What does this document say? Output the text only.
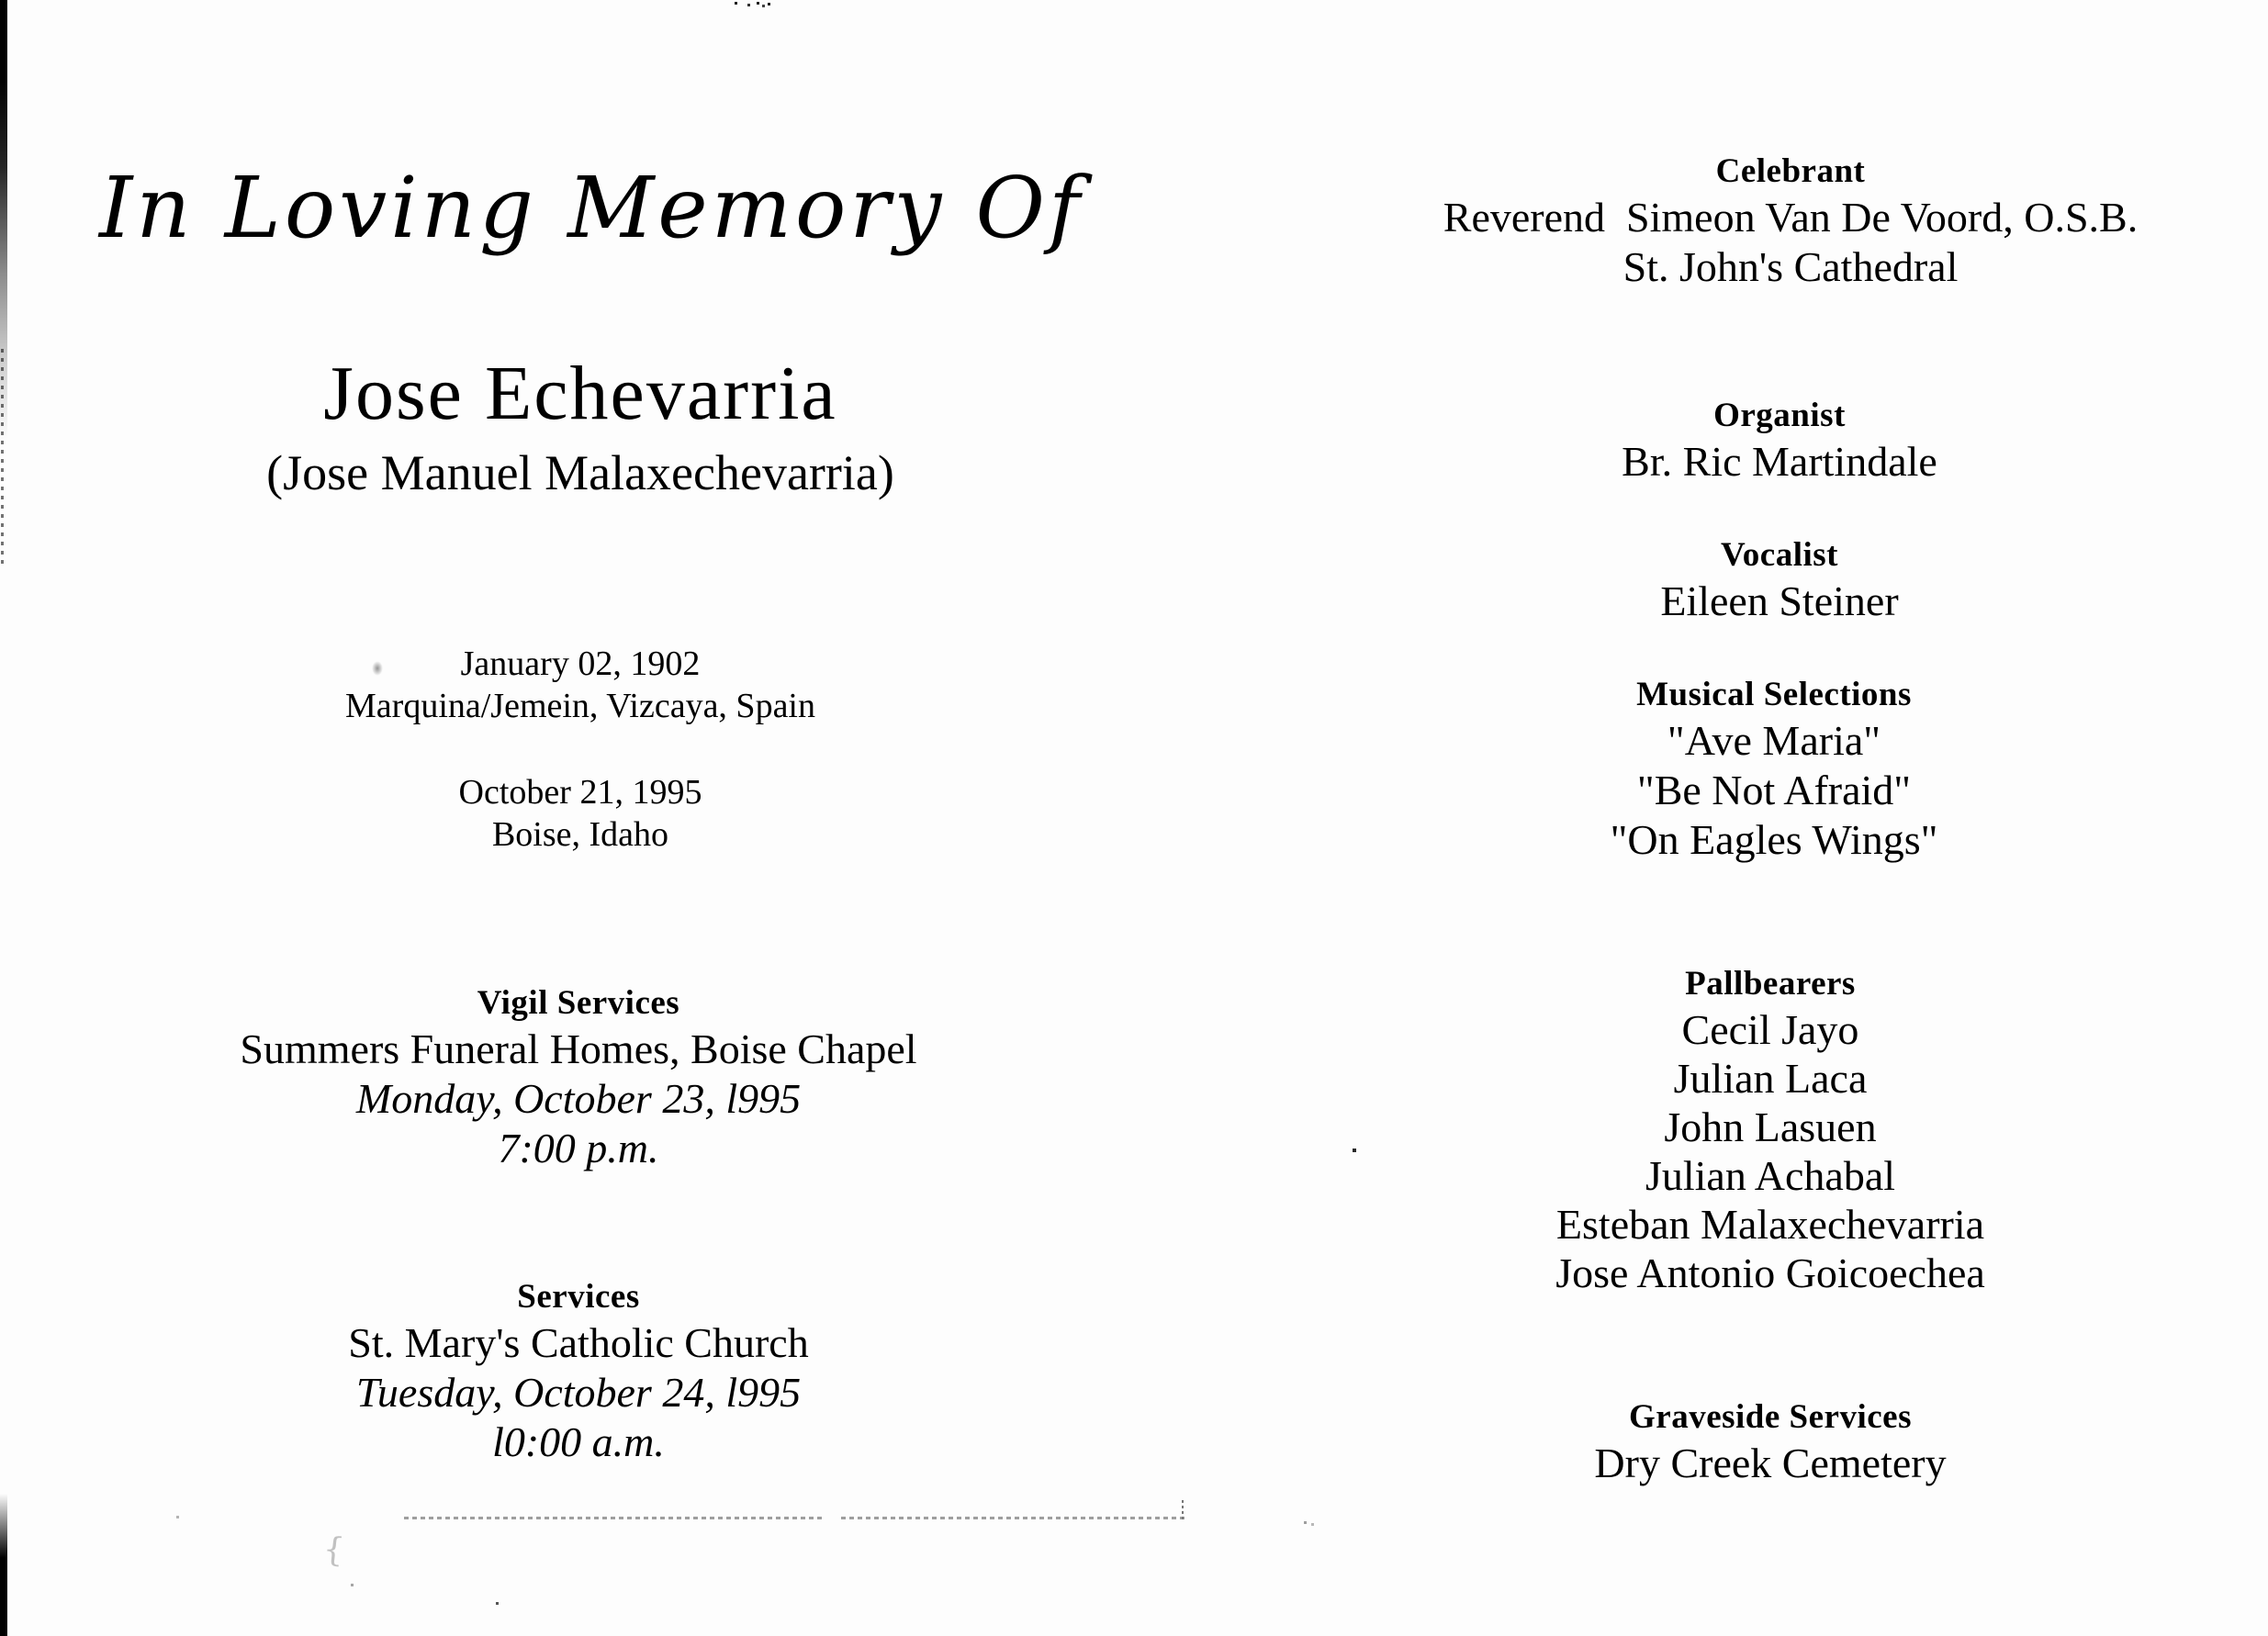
In Loving Memory Of
Jose Echevarria
(Jose Manuel Malaxechevarria)
January 02, 1902
Marquina/Jemein, Vizcaya, Spain
October 21, 1995
Boise, Idaho
Vigil Services
Summers Funeral Homes, Boise Chapel
Monday, October 23, l995
7:00 p.m.
Services
St. Mary's Catholic Church
Tuesday, October 24, l995
l0:00 a.m.
Celebrant
Reverend  Simeon Van De Voord, O.S.B.
St. John's Cathedral
Organist
Br. Ric Martindale
Vocalist
Eileen Steiner
Musical Selections
"Ave Maria"
"Be Not Afraid"
"On Eagles Wings"
Pallbearers
Cecil Jayo
Julian Laca
John Lasuen
Julian Achabal
Esteban Malaxechevarria
Jose Antonio Goicoechea
Graveside Services
Dry Creek Cemetery
{
